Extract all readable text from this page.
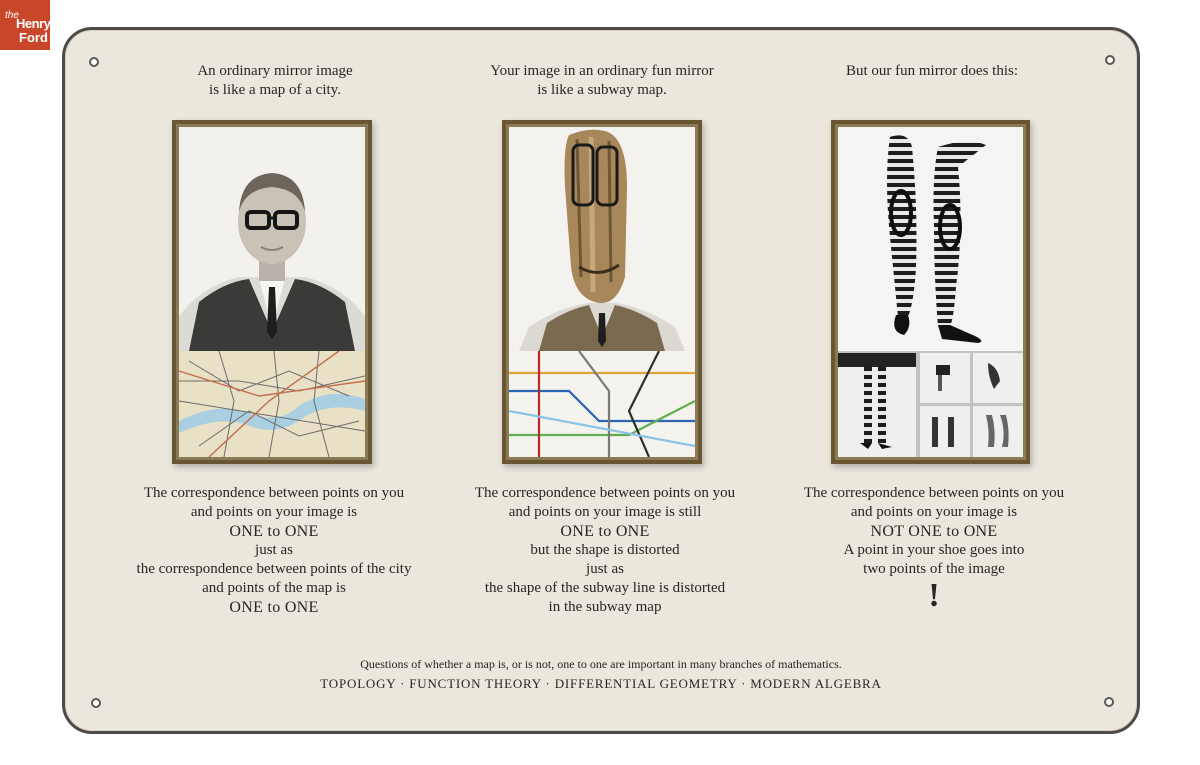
the
Henry
Ford
An ordinary mirror image
is like a map of a city.
Your image in an ordinary fun mirror
is like a subway map.
But our fun mirror does this:
The correspondence between points on you
and points on your image is
ONE to ONE
just as
the correspondence between points of the city
and points of the map is
ONE to ONE
The correspondence between points on you
and points on your image is still
ONE to ONE
but the shape is distorted
just as
the shape of the subway line is distorted
in the subway map
The correspondence between points on you
and points on your image is
NOT ONE to ONE
A point in your shoe goes into
two points of the image
!
Questions of whether a map is, or is not, one to one are important in many branches of mathematics.
TOPOLOGY · FUNCTION THEORY · DIFFERENTIAL GEOMETRY · MODERN ALGEBRA
